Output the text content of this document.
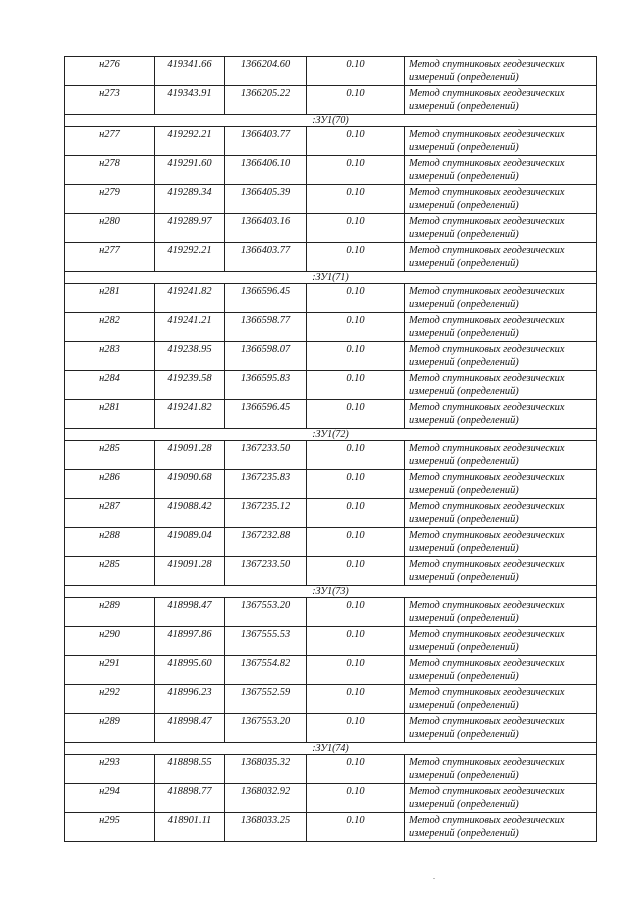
н276	419341.66	1366204.60	0.10	Метод спутниковых геодезических измерений (определений)
н273	419343.91	1366205.22	0.10	Метод спутниковых геодезических измерений (определений)
:ЗУ1(70)				
н277	419292.21	1366403.77	0.10	Метод спутниковых геодезических измерений (определений)
н278	419291.60	1366406.10	0.10	Метод спутниковых геодезических измерений (определений)
н279	419289.34	1366405.39	0.10	Метод спутниковых геодезических измерений (определений)
н280	419289.97	1366403.16	0.10	Метод спутниковых геодезических измерений (определений)
н277	419292.21	1366403.77	0.10	Метод спутниковых геодезических измерений (определений)
:ЗУ1(71)				
н281	419241.82	1366596.45	0.10	Метод спутниковых геодезических измерений (определений)
н282	419241.21	1366598.77	0.10	Метод спутниковых геодезических измерений (определений)
н283	419238.95	1366598.07	0.10	Метод спутниковых геодезических измерений (определений)
н284	419239.58	1366595.83	0.10	Метод спутниковых геодезических измерений (определений)
н281	419241.82	1366596.45	0.10	Метод спутниковых геодезических измерений (определений)
:ЗУ1(72)				
н285	419091.28	1367233.50	0.10	Метод спутниковых геодезических измерений (определений)
н286	419090.68	1367235.83	0.10	Метод спутниковых геодезических измерений (определений)
н287	419088.42	1367235.12	0.10	Метод спутниковых геодезических измерений (определений)
н288	419089.04	1367232.88	0.10	Метод спутниковых геодезических измерений (определений)
н285	419091.28	1367233.50	0.10	Метод спутниковых геодезических измерений (определений)
:ЗУ1(73)				
н289	418998.47	1367553.20	0.10	Метод спутниковых геодезических измерений (определений)
н290	418997.86	1367555.53	0.10	Метод спутниковых геодезических измерений (определений)
н291	418995.60	1367554.82	0.10	Метод спутниковых геодезических измерений (определений)
н292	418996.23	1367552.59	0.10	Метод спутниковых геодезических измерений (определений)
н289	418998.47	1367553.20	0.10	Метод спутниковых геодезических измерений (определений)
:ЗУ1(74)				
н293	418898.55	1368035.32	0.10	Метод спутниковых геодезических измерений (определений)
н294	418898.77	1368032.92	0.10	Метод спутниковых геодезических измерений (определений)
н295	418901.11	1368033.25	0.10	Метод спутниковых геодезических измерений (определений)
